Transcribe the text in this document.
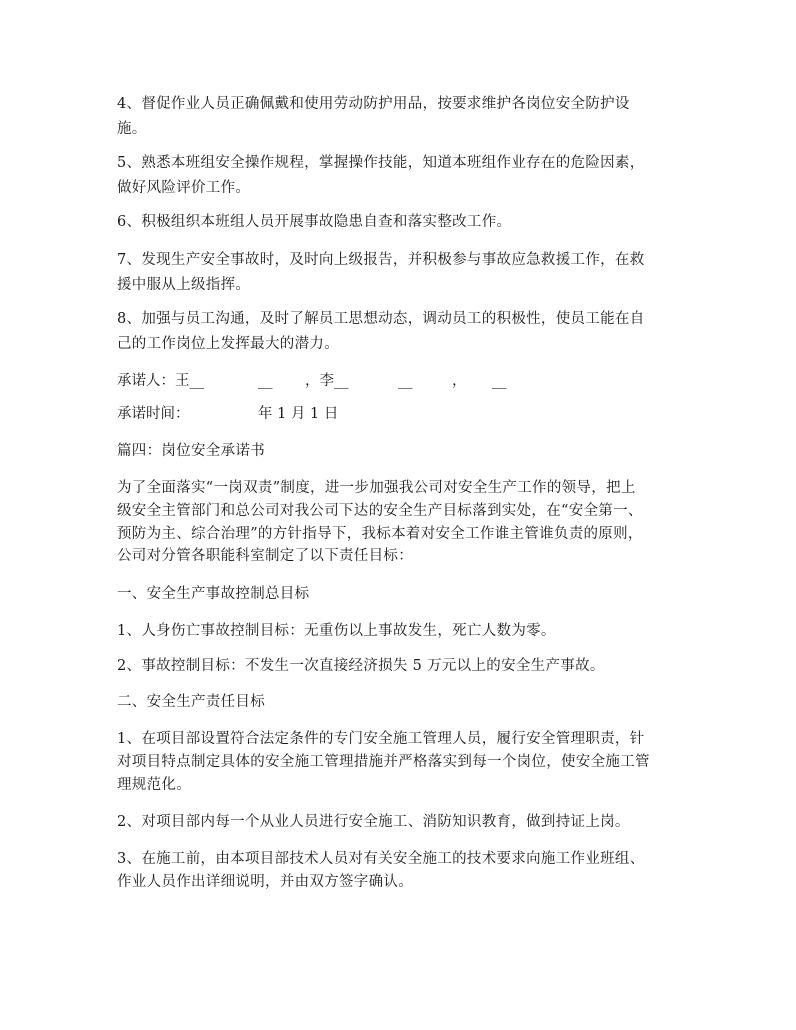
4、督促作业人员正确佩戴和使用劳动防护用品，按要求维护各岗位安全防护设
施。
5、熟悉本班组安全操作规程，掌握操作技能，知道本班组作业存在的危险因素，
做好风险评价工作。
6、积极组织本班组人员开展事故隐患自查和落实整改工作。
7、发现生产安全事故时，及时向上级报告，并积极参与事故应急救援工作，在救
援中服从上级指挥。
8、加强与员工沟通，及时了解员工思想动态，调动员工的积极性，使员工能在自
己的工作岗位上发挥最大的潜力。
承诺人：王__	__ ，李__	__	， __
承诺时间：	年 1 月 1 日
篇四：岗位安全承诺书
为了全面落实“一岗双责”制度，进一步加强我公司对安全生产工作的领导，把上
级安全主管部门和总公司对我公司下达的安全生产目标落到实处，在“安全第一、
预防为主、综合治理”的方针指导下，我标本着对安全工作谁主管谁负责的原则，
公司对分管各职能科室制定了以下责任目标：
一、安全生产事故控制总目标
1、人身伤亡事故控制目标：无重伤以上事故发生，死亡人数为零。
2、事故控制目标：不发生一次直接经济损失 5 万元以上的安全生产事故。
二、安全生产责任目标
1、在项目部设置符合法定条件的专门安全施工管理人员，履行安全管理职责，针
对项目特点制定具体的安全施工管理措施并严格落实到每一个岗位，使安全施工管
理规范化。
2、对项目部内每一个从业人员进行安全施工、消防知识教育，做到持证上岗。
3、在施工前，由本项目部技术人员对有关安全施工的技术要求向施工作业班组、
作业人员作出详细说明，并由双方签字确认。
